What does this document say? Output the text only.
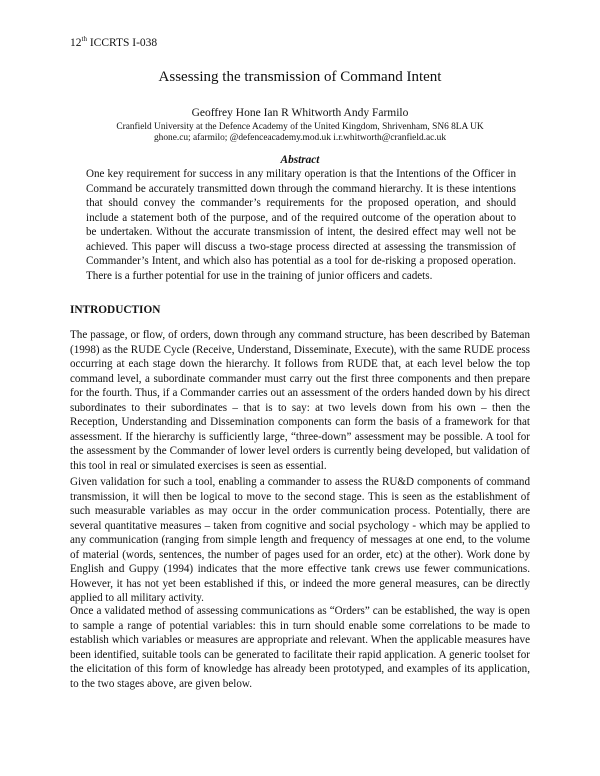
12th ICCRTS I-038
Assessing the transmission of Command Intent
Geoffrey Hone Ian R Whitworth Andy Farmilo
Cranfield University at the Defence Academy of the United Kingdom, Shrivenham, SN6 8LA UK
ghone.cu; afarmilo; @defenceacademy.mod.uk i.r.whitworth@cranfield.ac.uk
Abstract

One key requirement for success in any military operation is that the Intentions of the Officer in Command be accurately transmitted down through the command hierarchy. It is these intentions that should convey the commander’s requirements for the proposed operation, and should include a statement both of the purpose, and of the required outcome of the operation about to be undertaken. Without the accurate transmission of intent, the desired effect may well not be achieved. This paper will discuss a two-stage process directed at assessing the transmission of Commander’s Intent, and which also has potential as a tool for de-risking a proposed operation. There is a further potential for use in the training of junior officers and cadets.

INTRODUCTION

The passage, or flow, of orders, down through any command structure, has been described by Bateman (1998) as the RUDE Cycle (Receive, Understand, Disseminate, Execute), with the same RUDE process occurring at each stage down the hierarchy. It follows from RUDE that, at each level below the top command level, a subordinate commander must carry out the first three components and then prepare for the fourth. Thus, if a Commander carries out an assessment of the orders handed down by his direct subordinates to their subordinates – that is to say: at two levels down from his own – then the Reception, Understanding and Dissemination components can form the basis of a framework for that assessment. If the hierarchy is sufficiently large, “three-down” assessment may be possible. A tool for the assessment by the Commander of lower level orders is currently being developed, but validation of this tool in real or simulated exercises is seen as essential.

Given validation for such a tool, enabling a commander to assess the RU&D components of command transmission, it will then be logical to move to the second stage. This is seen as the establishment of such measurable variables as may occur in the order communication process. Potentially, there are several quantitative measures – taken from cognitive and social psychology - which may be applied to any communication (ranging from simple length and frequency of messages at one end, to the volume of material (words, sentences, the number of pages used for an order, etc) at the other). Work done by English and Guppy (1994) indicates that the more effective tank crews use fewer communications. However, it has not yet been established if this, or indeed the more general measures, can be directly applied to all military activity.

Once a validated method of assessing communications as “Orders” can be established, the way is open to sample a range of potential variables: this in turn should enable some correlations to be made to establish which variables or measures are appropriate and relevant. When the applicable measures have been identified, suitable tools can be generated to facilitate their rapid application. A generic toolset for the elicitation of this form of knowledge has already been prototyped, and examples of its application, to the two stages above, are given below.
